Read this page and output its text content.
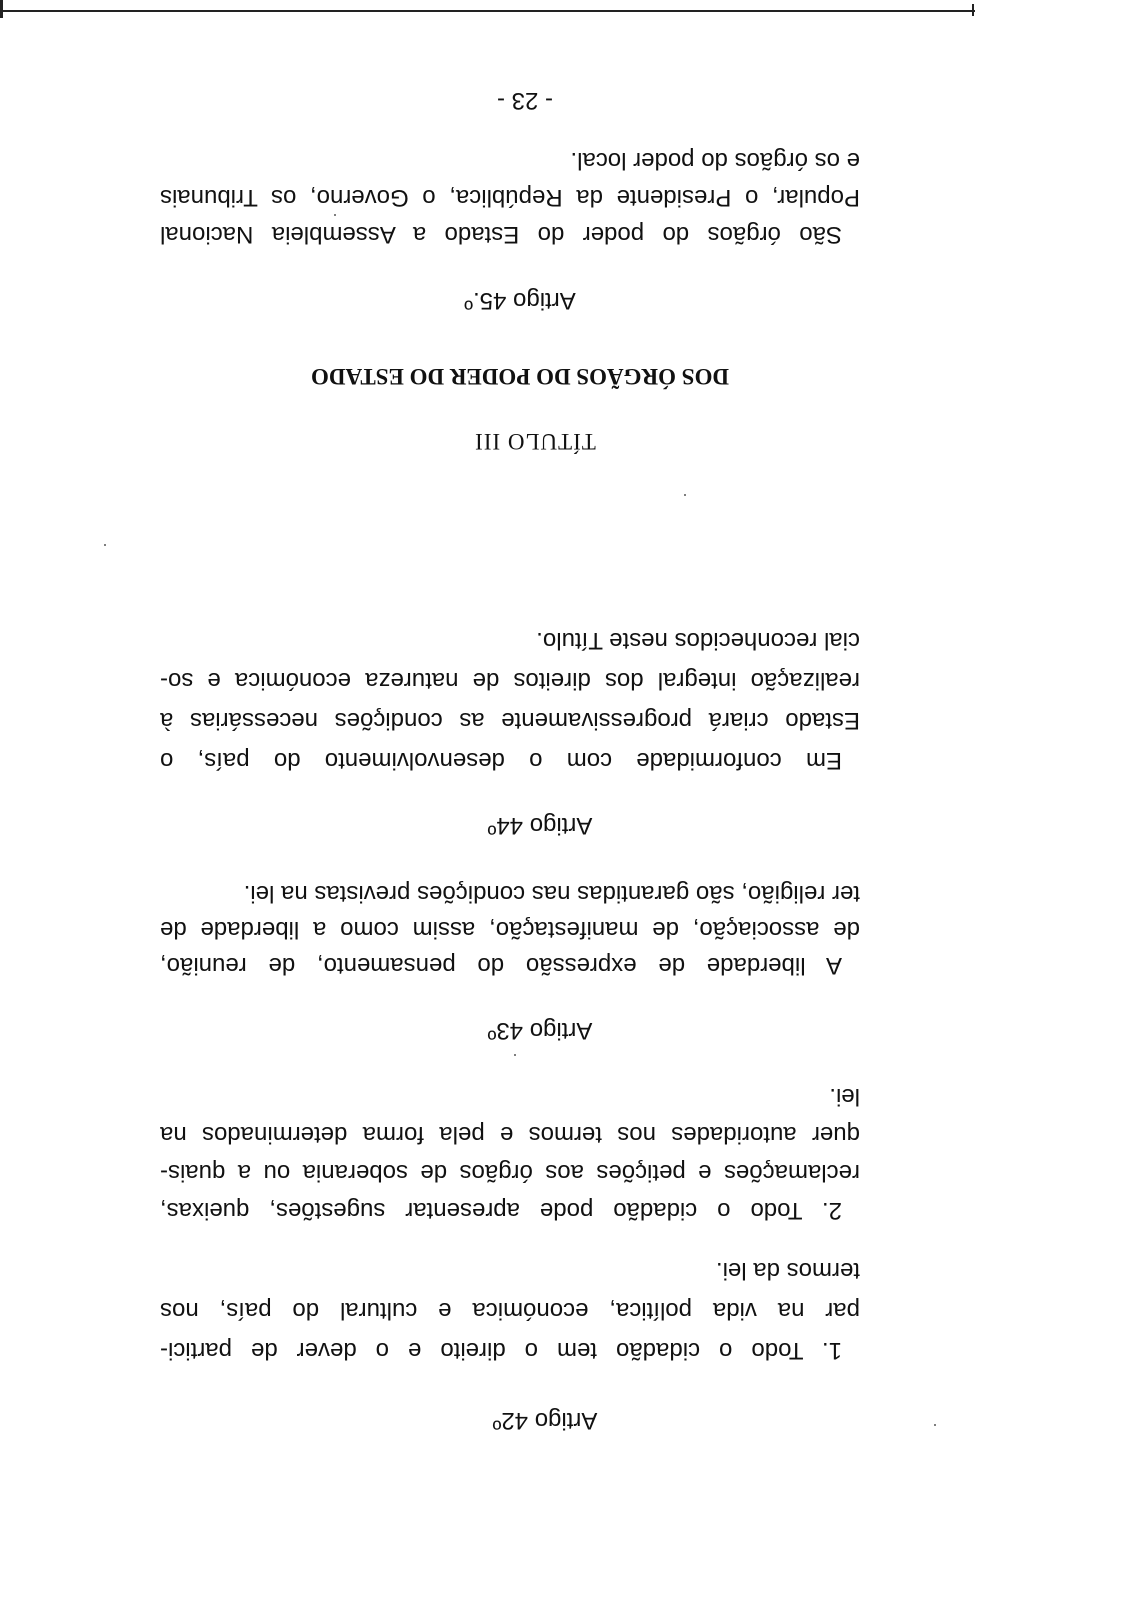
Artigo 42º
1. Todo o cidadão tem o direito e o dever de partici-
par na vida política, económica e cultural do país, nos
termos da lei.
2. Todo o cidadão pode apresentar sugestões, queixas,
reclamações e petições aos órgãos de soberania ou a quais-
quer autoridades nos termos e pela forma determinados na
lei.
Artigo 43º
A liberdade de expressão do pensamento, de reunião,
de associação, de manifestação, assim como a liberdade de
ter religião, são garantidas nas condições previstas na lei.
Artigo 44º
Em conformidade com o desenvolvimento do país, o
Estado criará progressivamente as condições necessárias à
realização integral dos direitos de natureza económica e so-
cial reconhecidos neste Título.
TÍTULO III
DOS ÓRGÃOS DO PODER DO ESTADO
Artigo 45.º
São órgãos do poder do Estado a Assembleia Nacional
Popular, o Presidente da República, o Governo, os Tribunais
e os órgãos do poder local.
- 23 -
